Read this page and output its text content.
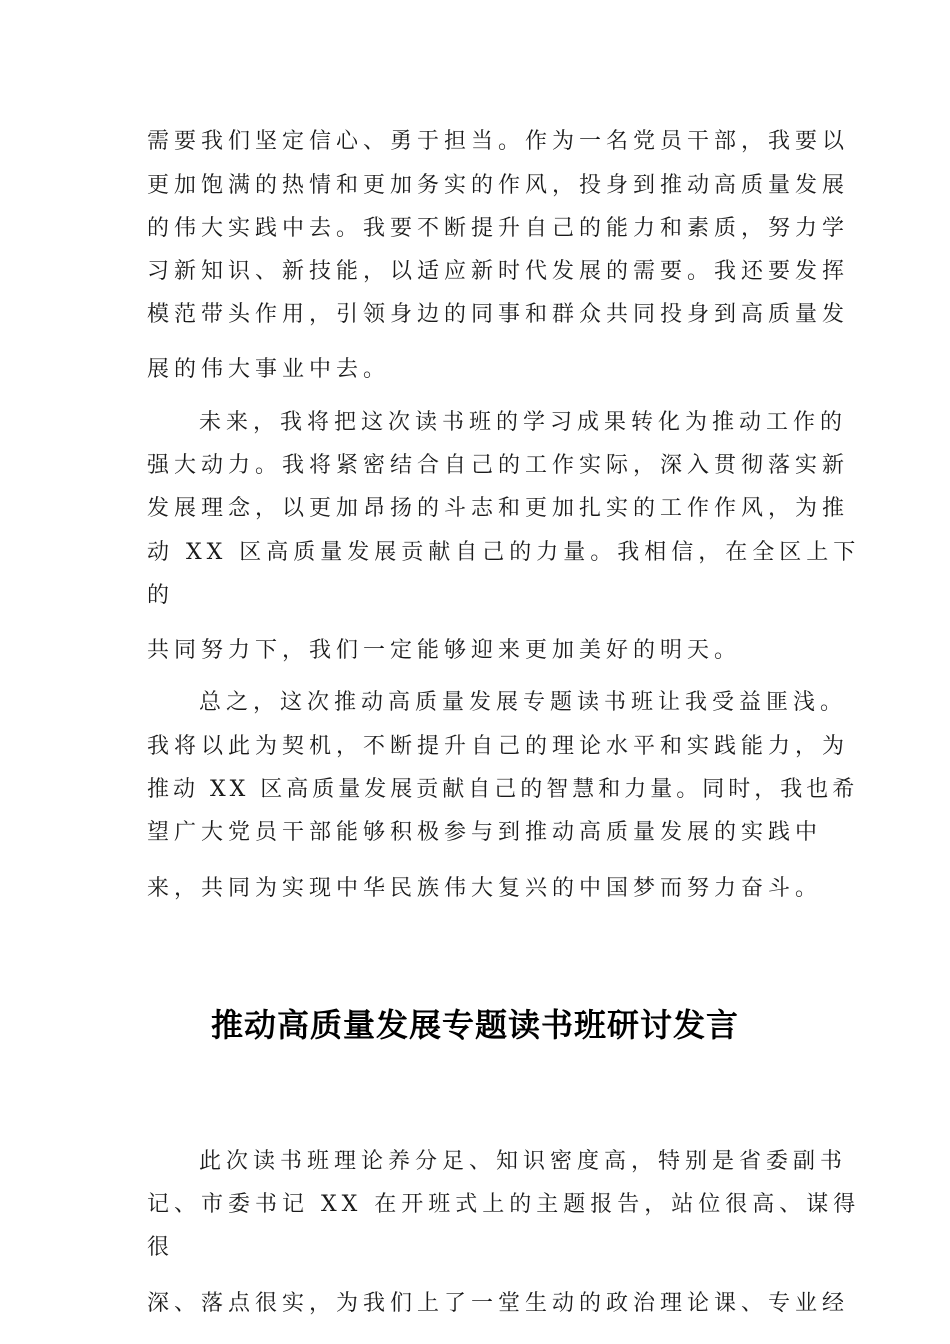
需要我们坚定信心、勇于担当。作为一名党员干部，我要以
更加饱满的热情和更加务实的作风，投身到推动高质量发展
的伟大实践中去。我要不断提升自己的能力和素质，努力学
习新知识、新技能，以适应新时代发展的需要。我还要发挥
模范带头作用，引领身边的同事和群众共同投身到高质量发
展的伟大事业中去。
未来，我将把这次读书班的学习成果转化为推动工作的
强大动力。我将紧密结合自己的工作实际，深入贯彻落实新
发展理念，以更加昂扬的斗志和更加扎实的工作作风，为推
动 XX 区高质量发展贡献自己的力量。我相信，在全区上下
的
共同努力下，我们一定能够迎来更加美好的明天。
总之，这次推动高质量发展专题读书班让我受益匪浅。
我将以此为契机，不断提升自己的理论水平和实践能力，为
推动 XX 区高质量发展贡献自己的智慧和力量。同时，我也希
望广大党员干部能够积极参与到推动高质量发展的实践中
来，共同为实现中华民族伟大复兴的中国梦而努力奋斗。
推动高质量发展专题读书班研讨发言
此次读书班理论养分足、知识密度高，特别是省委副书
记、市委书记 XX 在开班式上的主题报告，站位很高、谋得
很
深、落点很实，为我们上了一堂生动的政治理论课、专业经
